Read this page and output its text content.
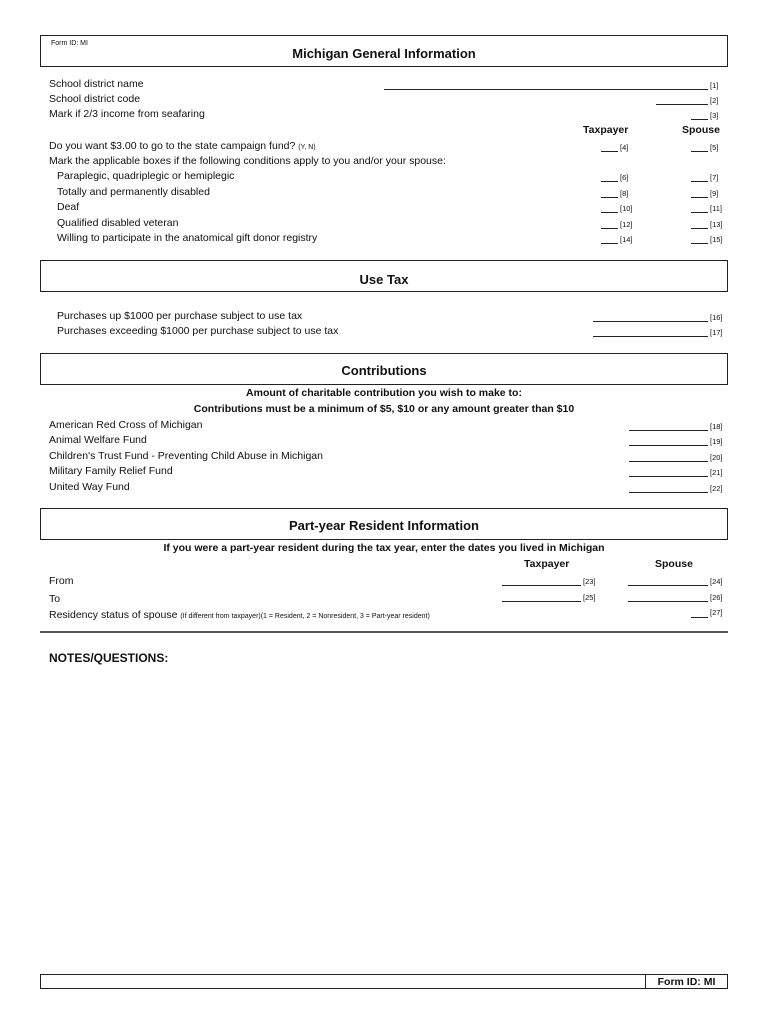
Form ID: MI
Michigan General Information
School district name	[1]
School district code	[2]
Mark if 2/3 income from seafaring	[3]
Taxpayer	Spouse
Do you want $3.00 to go to the state campaign fund? (Y, N)	[4]	[5]
Mark the applicable boxes if the following conditions apply to you and/or your spouse:
Paraplegic, quadriplegic or hemiplegic	[6]	[7]
Totally and permanently disabled	[8]	[9]
Deaf	[10]	[11]
Qualified disabled veteran	[12]	[13]
Willing to participate in the anatomical gift donor registry	[14]	[15]
Use Tax
Purchases up $1000 per purchase subject to use tax	[16]
Purchases exceeding $1000 per purchase subject to use tax	[17]
Contributions
Amount of charitable contribution you wish to make to:
Contributions must be a minimum of $5, $10 or any amount greater than $10
American Red Cross of Michigan	[18]
Animal Welfare Fund	[19]
Children's Trust Fund - Preventing Child Abuse in Michigan	[20]
Military Family Relief Fund	[21]
United Way Fund	[22]
Part-year Resident Information
If you were a part-year resident during the tax year, enter the dates you lived in Michigan
Taxpayer	Spouse
From	[23]	[24]
To	[25]	[26]
Residency status of spouse (If different from taxpayer)(1 = Resident, 2 = Nonresident, 3 = Part-year resident)	[27]
NOTES/QUESTIONS:
Form ID: MI
